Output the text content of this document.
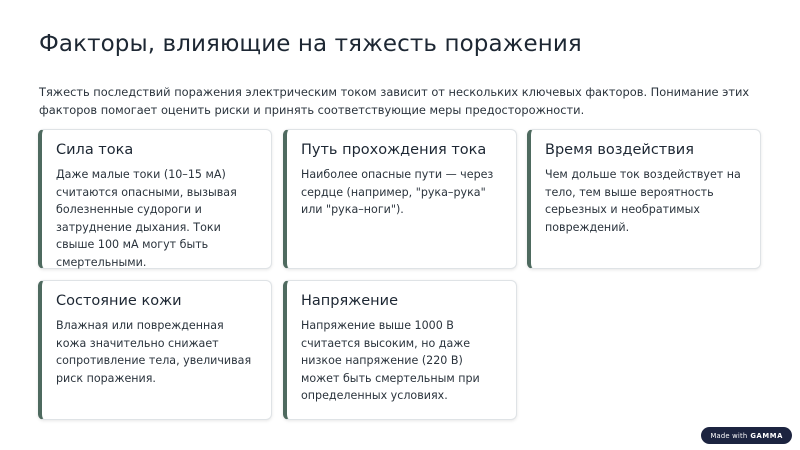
Факторы, влияющие на тяжесть поражения

Тяжесть последствий поражения электрическим током зависит от нескольких ключевых факторов. Понимание этих факторов помогает оценить риски и принять соответствующие меры предосторожности.

Сила тока

Даже малые токи (10–15 мА) считаются опасными, вызывая болезненные судороги и затруднение дыхания. Токи свыше 100 мА могут быть смертельными.

Путь прохождения тока

Наиболее опасные пути — через сердце (например, "рука–рука" или "рука–ноги").

Время воздействия

Чем дольше ток воздействует на тело, тем выше вероятность серьезных и необратимых повреждений.

Состояние кожи

Влажная или поврежденная кожа значительно снижает сопротивление тела, увеличивая риск поражения.

Напряжение

Напряжение выше 1000 В считается высоким, но даже низкое напряжение (220 В) может быть смертельным при определенных условиях.

Made with GAMMA
